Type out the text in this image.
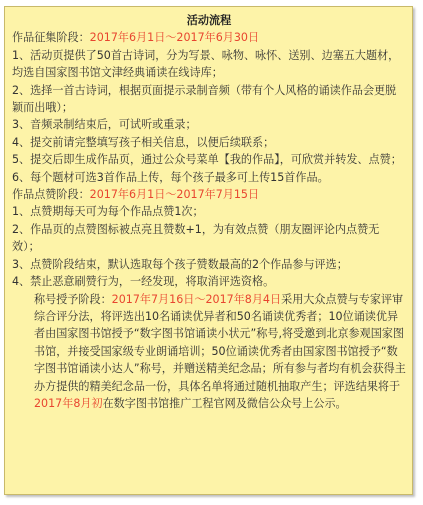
活动流程

作品征集阶段：2017年6月1日～2017年6月30日

1、活动页提供了50首古诗词，分为写景、咏物、咏怀、送别、边塞五大题材，均选自国家图书馆文津经典诵读在线诗库；

2、选择一首古诗词，根据页面提示录制音频（带有个人风格的诵读作品会更脱颖而出哦）；

3、音频录制结束后，可试听或重录；

4、提交前请完整填写孩子相关信息，以便后续联系；

5、提交后即生成作品页，通过公众号菜单【我的作品】，可欣赏并转发、点赞；

6、每个题材可选3首作品上传，每个孩子最多可上传15首作品。

作品点赞阶段：2017年6月1日～2017年7月15日

1、点赞期每天可为每个作品点赞1次；

2、作品页的点赞图标被点亮且赞数+1，为有效点赞（朋友圈评论内点赞无效）；

3、点赞阶段结束，默认选取每个孩子赞数最高的2个作品参与评选；

4、禁止恶意刷赞行为，一经发现，将取消评选资格。

称号授予阶段：2017年7月16日～2017年8月4日采用大众点赞与专家评审综合评分法，将评选出10名诵读优异者和50名诵读优秀者；10位诵读优异者由国家图书馆授予“数字图书馆诵读小状元”称号,将受邀到北京参观国家图书馆，并接受国家级专业朗诵培训；50位诵读优秀者由国家图书馆授予“数字图书馆诵读小达人”称号，并赠送精美纪念品；所有参与者均有机会获得主办方提供的精美纪念品一份，具体名单将通过随机抽取产生；评选结果将于2017年8月初在数字图书馆推广工程官网及微信公众号上公示。
